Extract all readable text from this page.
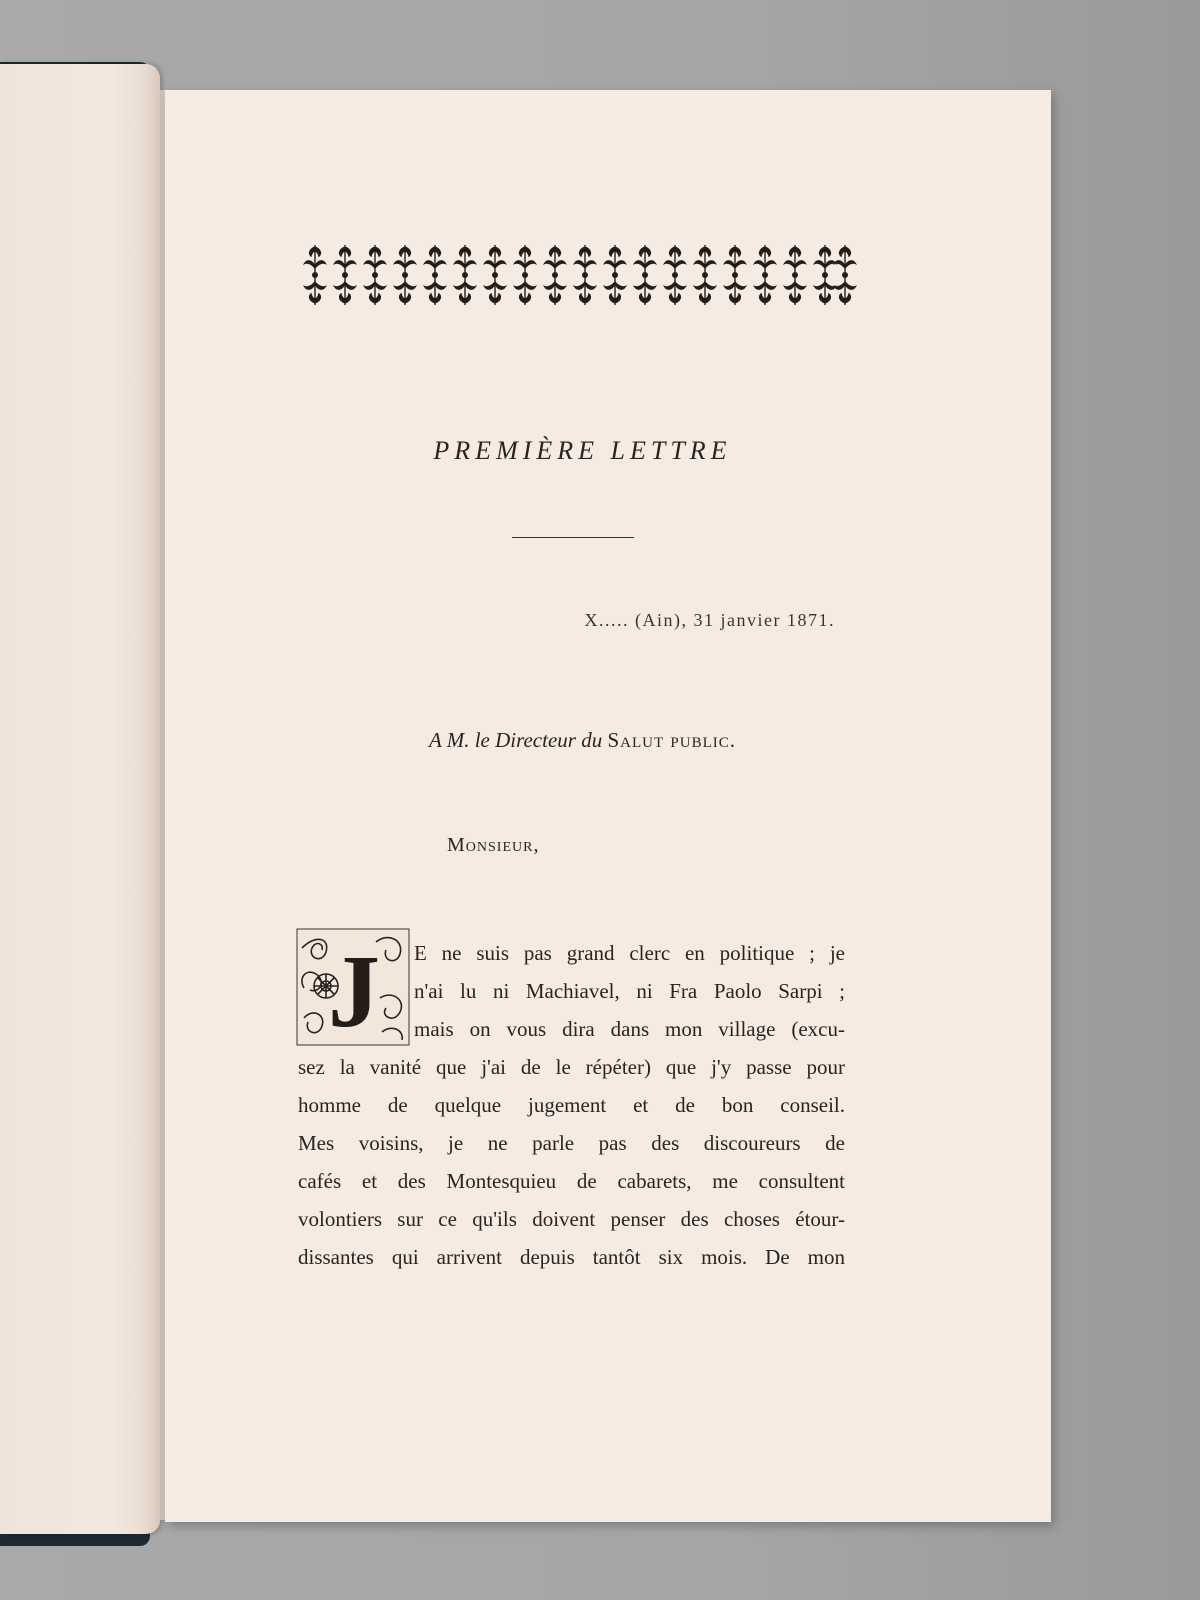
PREMIÈRE LETTRE
X..... (Ain), 31 janvier 1871.
A M. le Directeur du Salut public.
Monsieur,
J	E ne suis pas grand clerc en politique ; je
n'ai lu ni Machiavel, ni Fra Paolo Sarpi ;
mais on vous dira dans mon village (excu-
sez la vanité que j'ai de le répéter) que j'y passe pour
homme de quelque jugement et de bon conseil.
Mes voisins, je ne parle pas des discoureurs de
cafés et des Montesquieu de cabarets, me consultent
volontiers sur ce qu'ils doivent penser des choses étour-
dissantes qui arrivent depuis tantôt six mois. De mon
